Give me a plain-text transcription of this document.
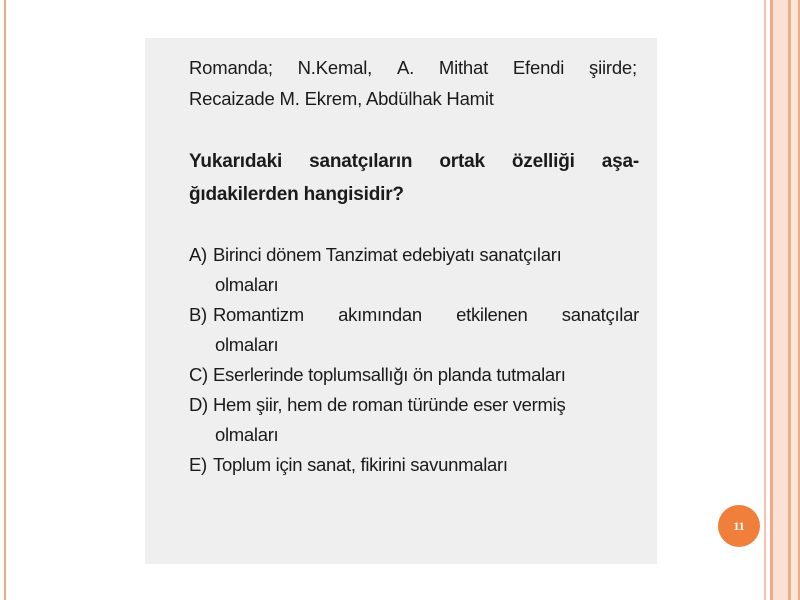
Romanda; N.Kemal, A. Mithat Efendi şiirde;
Recaizade M. Ekrem, Abdülhak Hamit
Yukarıdaki sanatçıların ortak özelliği aşa-
ğıdakilerden hangisidir?
A) Birinci dönem Tanzimat edebiyatı sanatçıları
olmaları
B) Romantizm akımından etkilenen sanatçılar
olmaları
C) Eserlerinde toplumsallığı ön planda tutmaları
D) Hem şiir, hem de roman türünde eser vermiş
olmaları
E) Toplum için sanat, fikirini savunmaları
11
